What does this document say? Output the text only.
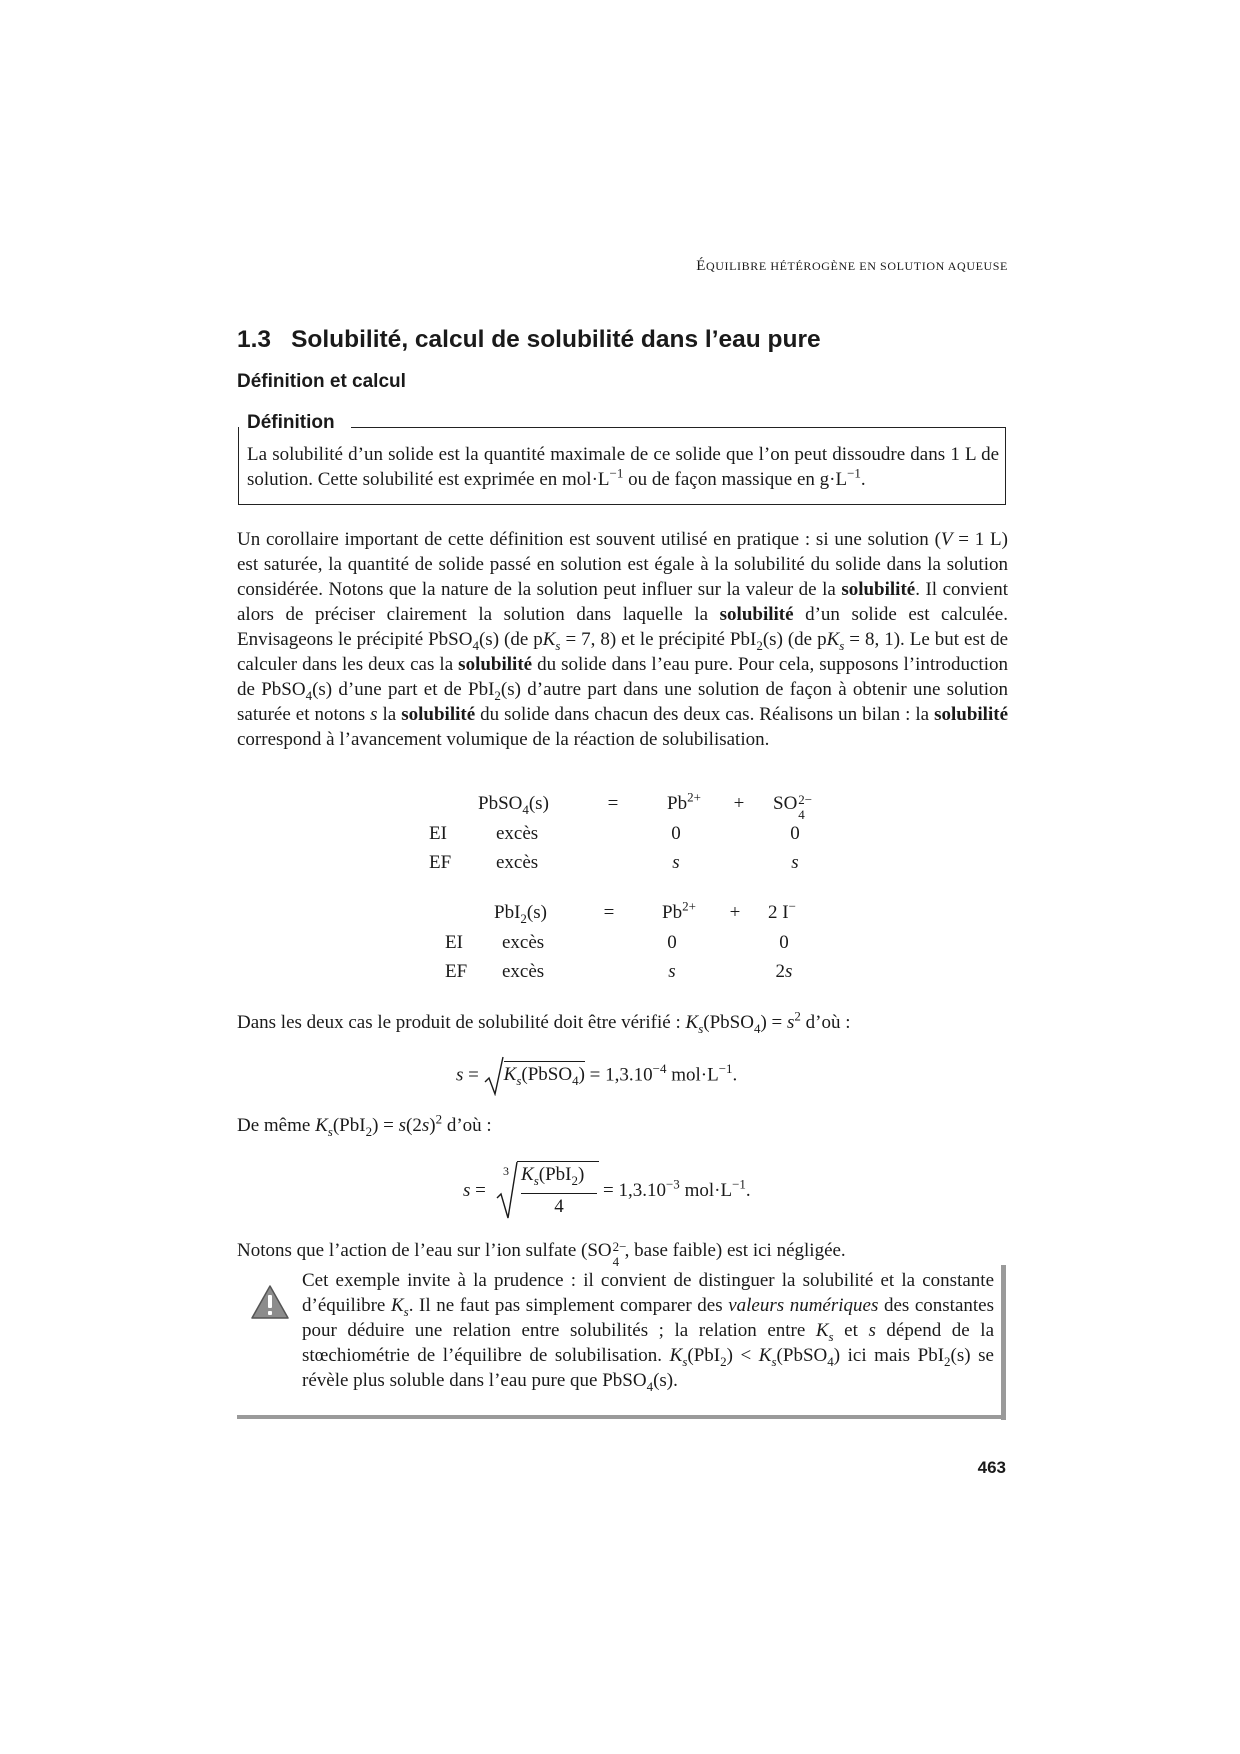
ÉQUILIBRE HÉTÉROGÈNE EN SOLUTION AQUEUSE
1.3 Solubilité, calcul de solubilité dans l’eau pure
Définition et calcul
Définition
La solubilité d’un solide est la quantité maximale de ce solide que l’on peut dissoudre dans 1 L de solution. Cette solubilité est exprimée en $mol\cdot L^{-1}$ ou de façon massique en $g\cdot L^{-1}$.
Un corollaire important de cette définition est souvent utilisé en pratique : si une solution (V = 1 L) est saturée, la quantité de solide passé en solution est égale à la solubilité du solide dans la solution considérée. Notons que la nature de la solution peut influer sur la valeur de la solubilité. Il convient alors de préciser clairement la solution dans laquelle la solubilité d’un solide est calculée. Envisageons le précipité PbSO$_4$(s) (de $pK_s = 7$, 8) et le précipité PbI$_2$(s) (de $pK_s = 8$, 1). Le but est de calculer dans les deux cas la solubilité du solide dans l’eau pure. Pour cela, supposons l’introduction de PbSO$_4$(s) d’une part et de PbI$_2$(s) d’autre part dans une solution de façon à obtenir une solution saturée et notons s la solubilité du solide dans chacun des deux cas. Réalisons un bilan : la solubilité correspond à l’avancement volumique de la réaction de solubilisation.
PbSO$_4$(s)	=	$Pb^{2+}$ + SO 2−
4
EI	excès	0	0
EF excès	s	s
PbI$_2$(s)	=	$Pb^{2+} + 2$ I−
EI excès	0	0
EF excès	s	2s
Dans les deux cas le produit de solubilité doit être vérifié : $K_s(PbSO_4) = s^2$ d’où :
$s = K_s(PbSO_4) = 1,3.10^{-4}$ $mol\cdot L^{-1}$.
De même $K_s(PbI_2) = s(2s)^2$ d’où :
s =
3 $K_s(PbI_2)$
4
= $1,3.10^{-3}$ $mol\cdot L^{-1}$.
Notons que l’action de l’eau sur l’ion sulfate (SO 2−
4
, base faible) est ici négligée.
Cet exemple invite à la prudence : il convient de distinguer la solubilité et la constante d’équilibre $K_s$. Il ne faut pas simplement comparer des valeurs numériques des constantes pour déduire une relation entre solubilités ; la relation entre $K_s$ et s dépend de la stœchiométrie de l’équilibre de solubilisation. $K_s(PbI_2)$ < $K_s(PbSO_4)$ ici mais PbI$_2$(s) se révèle plus soluble dans l’eau pure que PbSO$_4$(s).
463
